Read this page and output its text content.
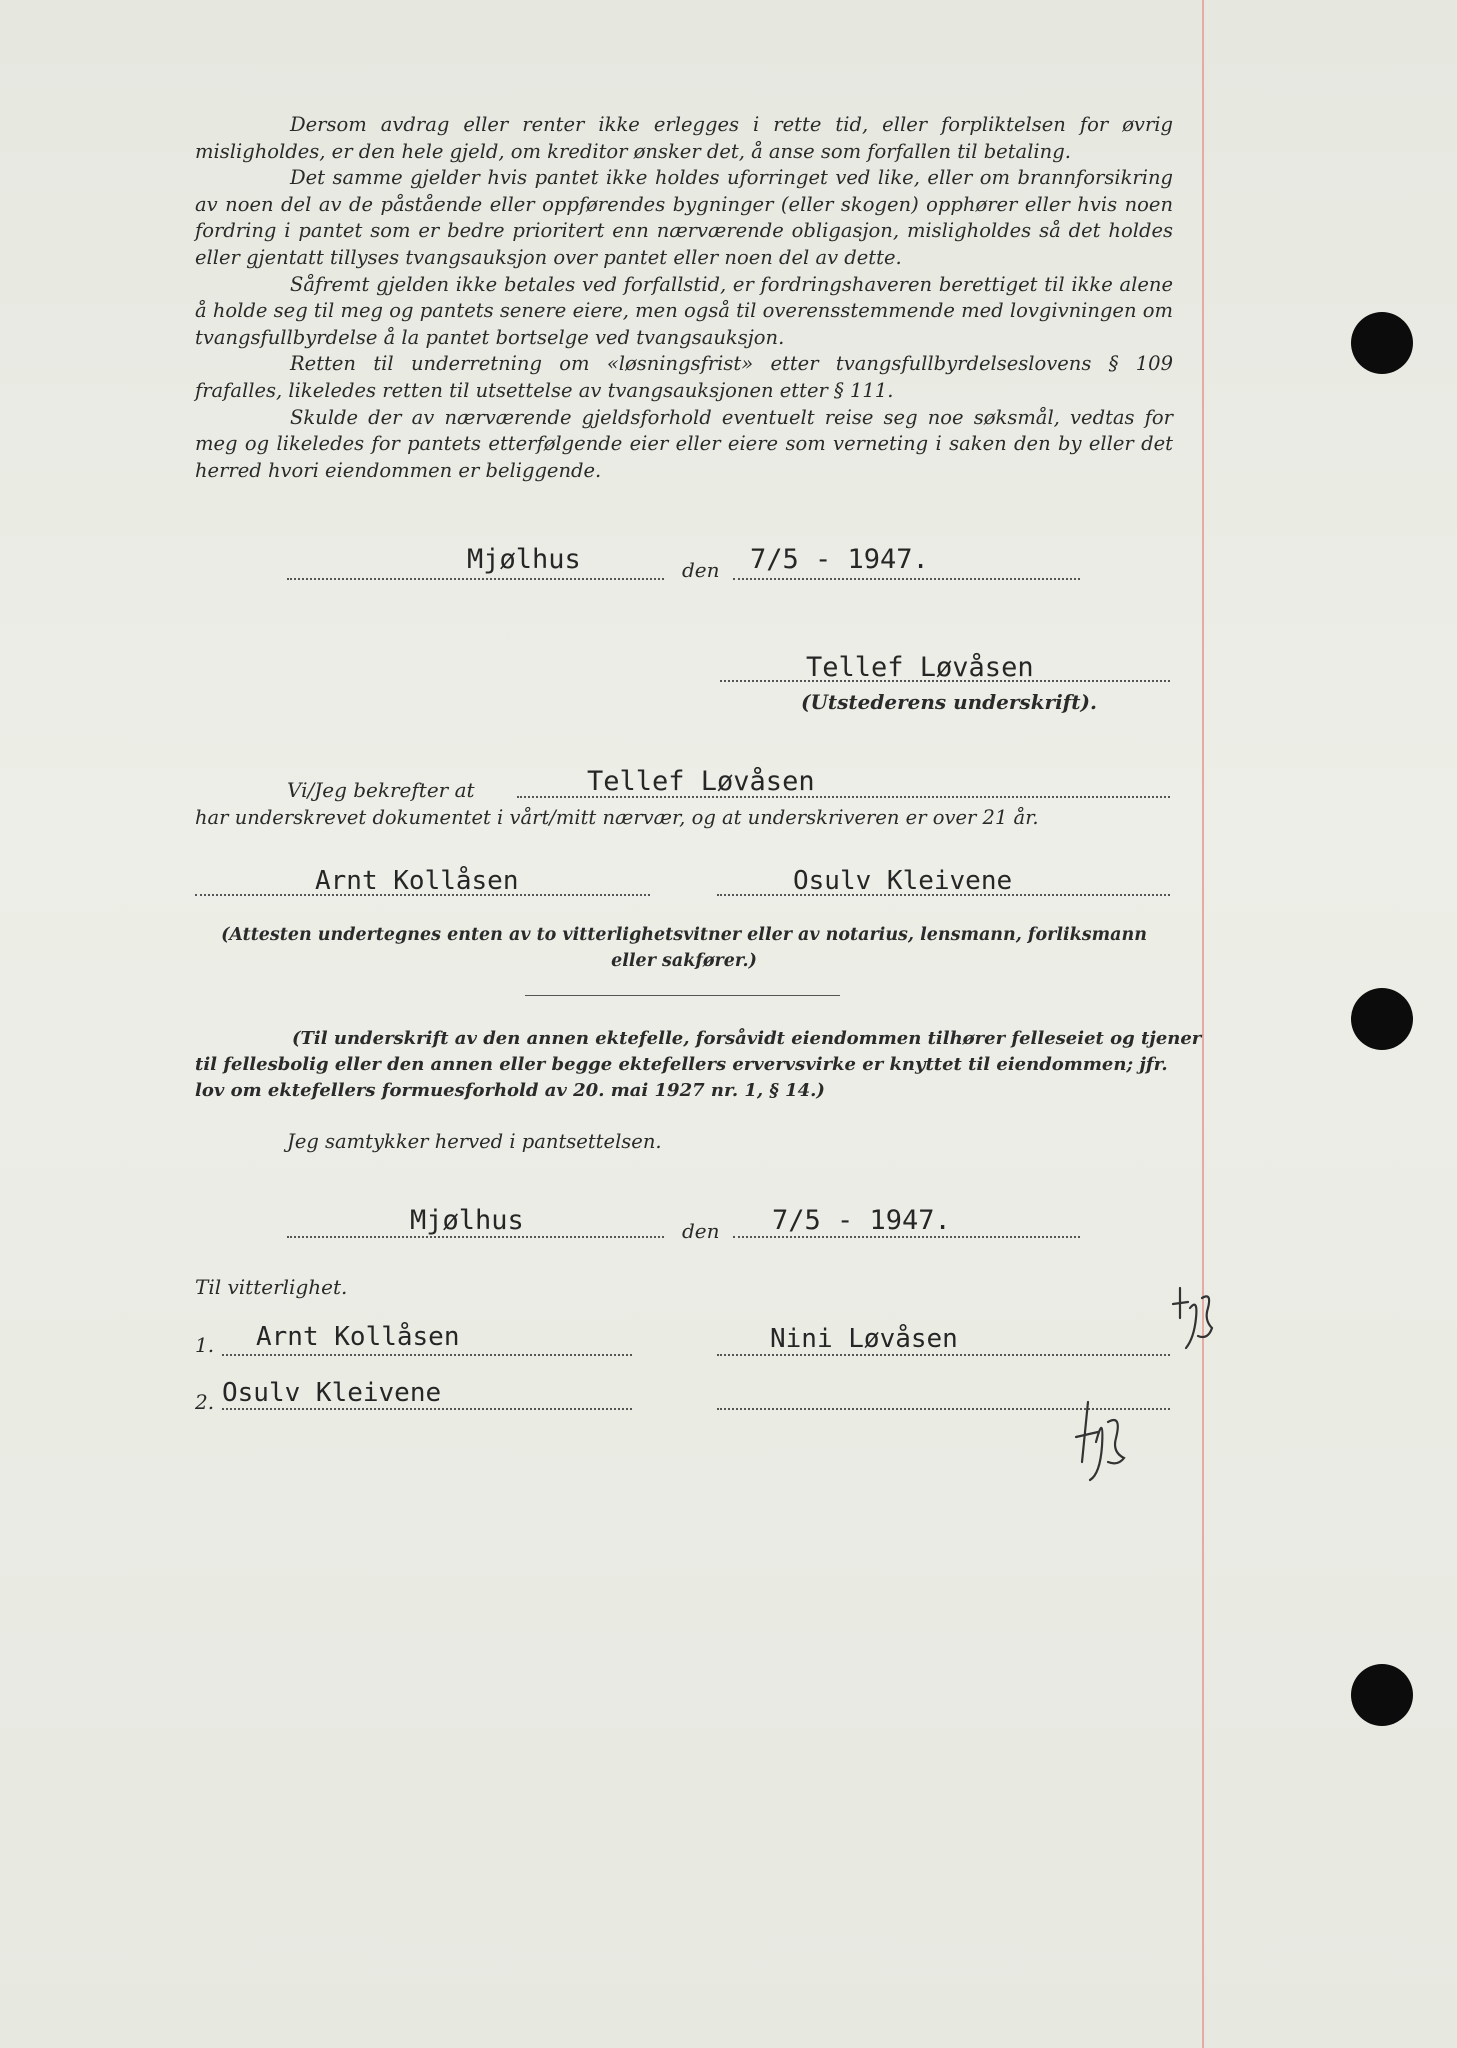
Dersom avdrag eller renter ikke erlegges i rette tid, eller forpliktelsen for øvrig misligholdes, er den hele gjeld, om kreditor ønsker det, å anse som forfallen til betaling.

Det samme gjelder hvis pantet ikke holdes uforringet ved like, eller om brannforsikring av noen del av de påstående eller oppførendes bygninger (eller skogen) opphører eller hvis noen fordring i pantet som er bedre prioritert enn nærværende obligasjon, misligholdes så det holdes eller gjentatt tillyses tvangsauksjon over pantet eller noen del av dette.

Såfremt gjelden ikke betales ved forfallstid, er fordringshaveren berettiget til ikke alene å holde seg til meg og pantets senere eiere, men også til overensstemmende med lovgivningen om tvangsfullbyrdelse å la pantet bortselge ved tvangsauksjon.

Retten til underretning om «løsningsfrist» etter tvangsfullbyrdelseslovens § 109 frafalles, likeledes retten til utsettelse av tvangsauksjonen etter § 111.

Skulde der av nærværende gjeldsforhold eventuelt reise seg noe søksmål, vedtas for meg og likeledes for pantets etterfølgende eier eller eiere som verneting i saken den by eller det herred hvori eiendommen er beliggende.

Mjølhus	den 7/5 - 1947.
Tellef Løvåsen
(Utstederens underskrift).
Vi/Jeg bekrefter at	Tellef Løvåsen
har underskrevet dokumentet i vårt/mitt nærvær, og at underskriveren er over 21 år.
Arnt Kollåsen	Osulv Kleivene
(Attesten undertegnes enten av to vitterlighetsvitner eller av notarius, lensmann, forliksmann
eller sakfører.)
(Til underskrift av den annen ektefelle, forsåvidt eiendommen tilhører felleseiet og tjener
til fellesbolig eller den annen eller begge ektefellers ervervsvirke er knyttet til eiendommen; jfr.
lov om ektefellers formuesforhold av 20. mai 1927 nr. 1, § 14.)
Jeg samtykker herved i pantsettelsen.
Mjølhus	den 7/5 - 1947.
Til vitterlighet.
1. Arnt Kollåsen	Nini Løvåsen
2. Osulv Kleivene
